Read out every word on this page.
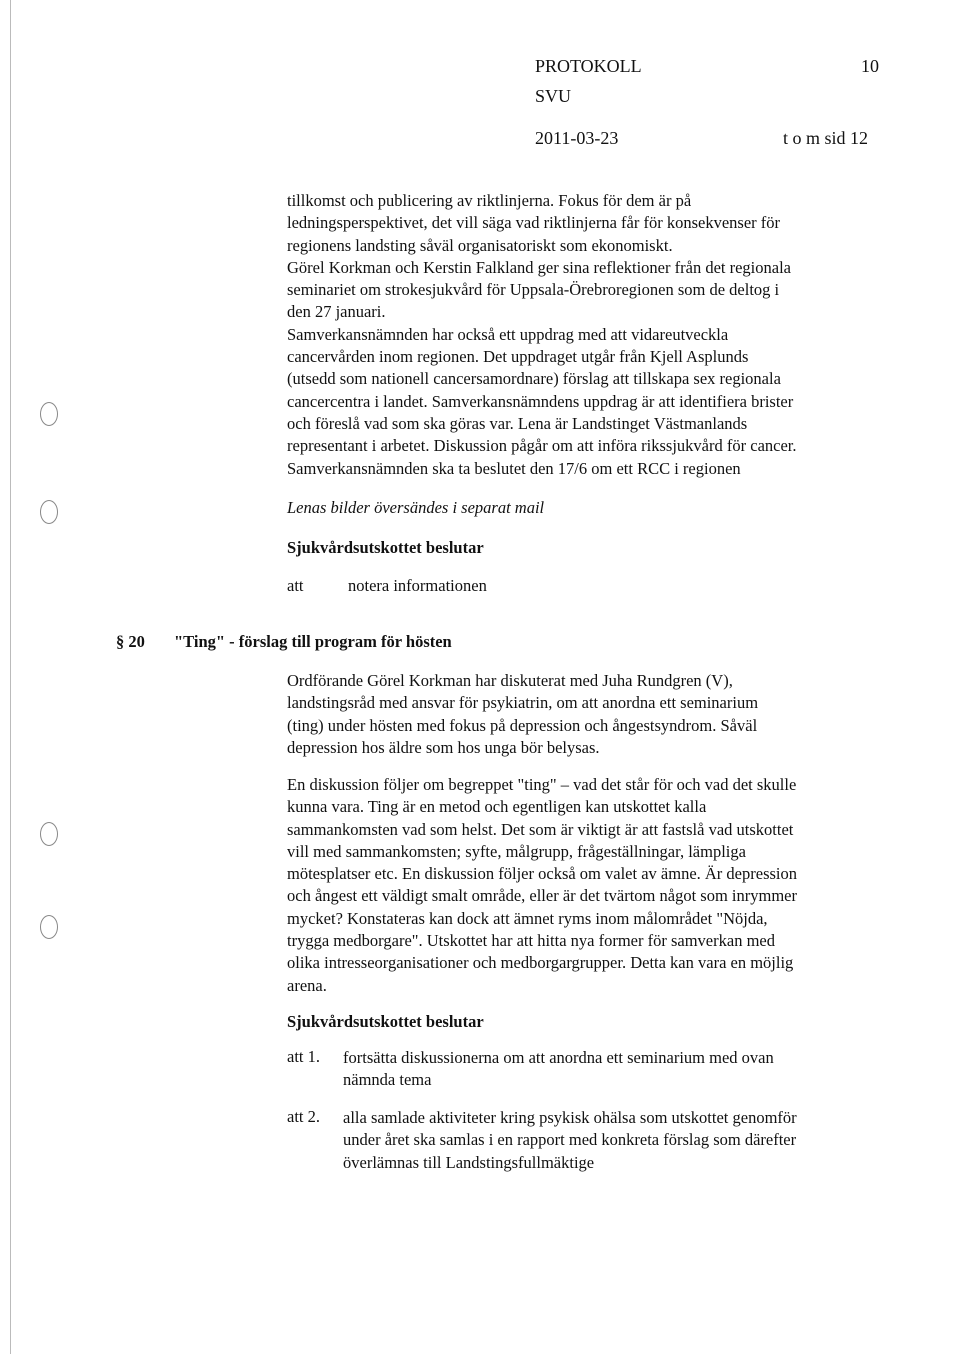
PROTOKOLL	10
SVU
2011-03-23	t o m sid 12
tillkomst och publicering av riktlinjerna. Fokus för dem är på
ledningsperspektivet, det vill säga vad riktlinjerna får för konsekvenser för
regionens landsting såväl organisatoriskt som ekonomiskt.
Görel Korkman och Kerstin Falkland ger sina reflektioner från det regionala
seminariet om strokesjukvård för Uppsala-Örebroregionen som de deltog i
den 27 januari.
Samverkansnämnden har också ett uppdrag med att vidareutveckla
cancervården inom regionen. Det uppdraget utgår från Kjell Asplunds
(utsedd som nationell cancersamordnare) förslag att tillskapa sex regionala
cancercentra i landet. Samverkansnämndens uppdrag är att identifiera brister
och föreslå vad som ska göras var. Lena är Landstinget Västmanlands
representant i arbetet. Diskussion pågår om att införa rikssjukvård för cancer.
Samverkansnämnden ska ta beslutet den 17/6 om ett RCC i regionen
Lenas bilder översändes i separat mail
Sjukvårdsutskottet beslutar
att	notera informationen
§ 20 "Ting" - förslag till program för hösten
Ordförande Görel Korkman har diskuterat med Juha Rundgren (V),
landstingsråd med ansvar för psykiatrin, om att anordna ett seminarium
(ting) under hösten med fokus på depression och ångestsyndrom. Såväl
depression hos äldre som hos unga bör belysas.
En diskussion följer om begreppet "ting" – vad det står för och vad det skulle
kunna vara. Ting är en metod och egentligen kan utskottet kalla
sammankomsten vad som helst. Det som är viktigt är att fastslå vad utskottet
vill med sammankomsten; syfte, målgrupp, frågeställningar, lämpliga
mötesplatser etc. En diskussion följer också om valet av ämne. Är depression
och ångest ett väldigt smalt område, eller är det tvärtom något som inrymmer
mycket? Konstateras kan dock att ämnet ryms inom målområdet "Nöjda,
trygga medborgare". Utskottet har att hitta nya former för samverkan med
olika intresseorganisationer och medborgargrupper. Detta kan vara en möjlig
arena.
Sjukvårdsutskottet beslutar
att 1. fortsätta diskussionerna om att anordna ett seminarium med ovan
nämnda tema
att 2. alla samlade aktiviteter kring psykisk ohälsa som utskottet genomför
under året ska samlas i en rapport med konkreta förslag som därefter
överlämnas till Landstingsfullmäktige
